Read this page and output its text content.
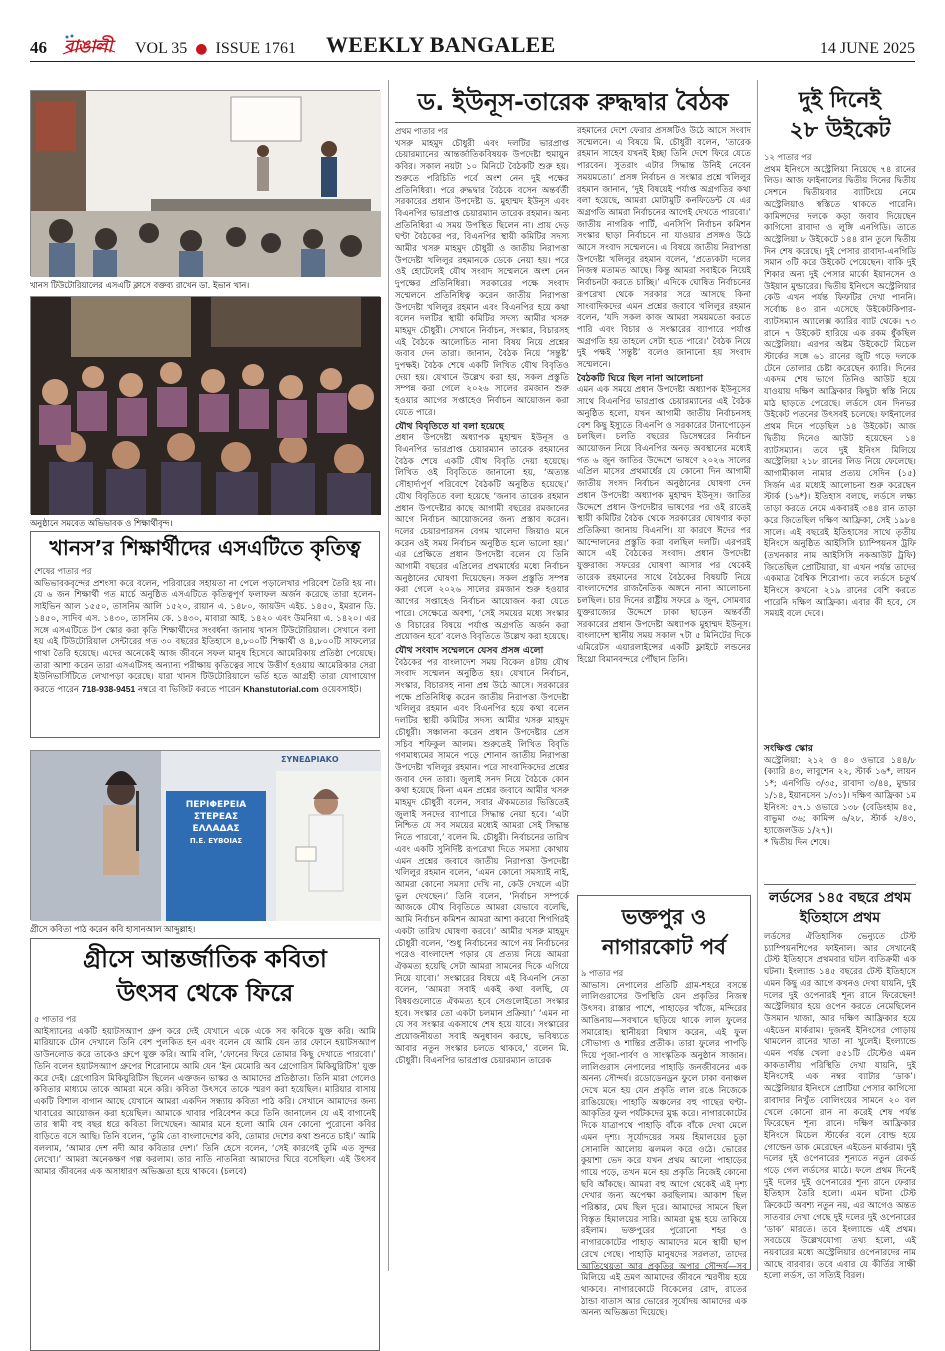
46 বাঙালী VOL 35 ● ISSUE 1761 WEEKLY BANGALEE	14 JUNE 2025
খানস টিউটোরিয়ালের এসএটি ক্লাসে বক্তব্য রাখেন ডা. ইভান খান।
অনুষ্ঠানে সমবেত অভিভাবক ও শিক্ষার্থীবৃন্দ।
খানস’র শিক্ষার্থীদের এসএটিতে কৃতিত্ব
শেষের পাতার পর
অভিভাবকবৃন্দের প্রশংসা করে বলেন, পরিবারের সহায়তা না পেলে পড়ালেখার পরিবেশ তৈরি হয় না। যে ৬ জন শিক্ষার্থী গত মার্চে অনুষ্ঠিত এসএটিতে কৃতিত্বপূর্ণ ফলাফল অর্জন করেছে তারা হলেন- সাইভিন আল ১৫৫০, তাসনিম আলি ১৫২০, রায়ান এ. ১৪৮০, জায়উদ এইচ. ১৪৫০, ইমরান ডি. ১৪৫০, সাদিব এস. ১৪৩০, তাসনিম কে. ১৪৩০, মাবারা আই. ১৪২০ এবং উমনিয়া এ. ১৪২০। এর সঙ্গে এসএটিতে টপ স্কোর করা কৃতি শিক্ষার্থীদের সংবর্ধনা জানায় খানস টিউটোরিয়াল। সেখানে বলা হয় এই টিউটোরিয়াল সেন্টারের গত ৩০ বছরের ইতিহাসে ৪,৮০০টি শিক্ষার্থী ও ৪,৮০০টি সাফল্যের গাথা তৈরি হয়েছে। এদের অনেকেই আজ জীবনে সফল মানুষ হিসেবে আমেরিকায় প্রতিষ্ঠা পেয়েছে। তারা আশা করেন তারা এসএটিসহ অন্যান্য পরীক্ষায় কৃতিত্বের সাথে উত্তীর্ণ হওয়ায় আমেরিকার সেরা ইউনিভার্সিটিতে লেখাপড়া করেছে। যারা খানস টিউটোরিয়ালে ভর্তি হতে আগ্রহী তারা যোগাযোগ করতে পারেন 718-938-9451 নম্বরে বা ভিজিট করতে পারেন Khanstutorial.com ওয়েবসাইট।
ΠΕΡΙΦΕΡΕΙΑ
ΣΤΕΡΕΑΣ
ΕΛΛΑΔΑΣ
Π.Ε. ΕΥΒΟΙΑΣ
ΣΥΝΕΔΡΙΑΚΟ
গ্রীসে কবিতা পাঠ করেন কবি হাসানআল আব্দুল্লাহ।
গ্রীসে আন্তর্জাতিক কবিতা
উৎসব থেকে ফিরে
৫ পাতার পর
আইস্যানের একটি হয়াটসঅ্যাপ গ্রুপ করে দেই যেখানে একে একে সব কবিকে যুক্ত করি। আমি মারিয়াকে টোন দেখালে তিনি বেশ পুলকিত হন এবং বলেন যে আমি যেন তার ফোনে হয়াটসঅ্যাপ ডাউনলোড করে তাকেও গ্রুপে যুক্ত করি। আমি বলি, ‘ফোনের ফিরে তোমার কিছু দেখাতে পারবো।’ তিনি বলেন হয়াটসঅ্যাপ গ্রুপের শিরোনামে আমি যেন ‘ইন মেমোরি অব গ্রেগোরিস মিকিয়ুরিটিস’ যুক্ত করে দেই। গ্রেগোরিস মিকিয়ুরিটিস ছিলেন এক্তজন ভাস্কর ও আমাদের প্রতিষ্ঠাতা। তিনি মারা গেলেও কবিতার মাধ্যমে তাকে আমরা মনে করি। কবিতা উৎসবে তাকে স্মরণ করা হয়েছিল। মারিয়ার বাসায় একটি বিশাল বাগান আছে যেখানে আমরা একদিন সন্ধ্যায় কবিতা পাঠ করি। সেখানে আমাদের জন্য খাবারের আয়োজন করা হয়েছিল। আমাকে খাবার পরিবেশন করে তিনি জানালেন যে এই বাগানেই তার স্বামী বহু বছর ধরে কবিতা লিখেছেন। আমার মনে হলো আমি যেন কোনো পুরোনো কবির বাড়িতে বসে আছি। তিনি বলেন, ‘তুমি তো বাংলাদেশের কবি, তোমার দেশের কথা শুনতে চাই।’ আমি বললাম, ‘আমার দেশ নদী আর কবিতার দেশ।’ তিনি হেসে বলেন, ‘সেই কারণেই তুমি এত সুন্দর লেখো।’ আমরা অনেকক্ষণ গল্প করলাম। তার নাতি নাতনিরা আমাদের ঘিরে বসেছিল। এই উৎসব আমার জীবনের এক অসাধারণ অভিজ্ঞতা হয়ে থাকবে। (চলবে)
ড. ইউনূস-তারেক রুদ্ধদ্বার বৈঠক
প্রথম পাতার পর
খসরু মাহমুদ চৌধুরী এবং দলটির ভারপ্রাপ্ত চেয়ারম্যানের আন্তর্জাতিকবিষয়ক উপদেষ্টা হুমায়ুন কবির। সকাল নয়টা ১০ মিনিটে বৈঠকটি শুরু হয়। শুরুতে পরিচিতি পর্বে অংশ নেন দুই পক্ষের প্রতিনিধিরা। পরে রুদ্ধদ্বার বৈঠকে বসেন অন্তর্বর্তী সরকারের প্রধান উপদেষ্টা ড. মুহাম্মদ ইউনূস এবং বিএনপির ভারপ্রাপ্ত চেয়ারম্যান তারেক রহমান। অন্য প্রতিনিধিরা এ সময় উপস্থিত ছিলেন না। প্রায় দেড় ঘণ্টা বৈঠকের পর, বিএনপির স্থায়ী কমিটির সদস্য আমীর খসরু মাহমুদ চৌধুরী ও জাতীয় নিরাপত্তা উপদেষ্টা খলিলুর রহমানকে ডেকে নেয়া হয়। পরে ওই হোটেলেই যৌথ সংবাদ সম্মেলনে অংশ নেন দুপক্ষের প্রতিনিধিরা। সরকারের পক্ষে সংবাদ সম্মেলনে প্রতিনিধিত্ব করেন জাতীয় নিরাপত্তা উপদেষ্টা খলিলুর রহমান এবং বিএনপির হয়ে কথা বলেন দলটির স্থায়ী কমিটির সদস্য আমীর খসরু মাহমুদ চৌধুরী। সেখানে নির্বাচন, সংস্কার, বিচারসহ এই বৈঠকে আলোচিত নানা বিষয় নিয়ে প্রশ্নের জবাব দেন তারা। জানান, বৈঠক নিয়ে ‘সন্তুষ্ট’ দুপক্ষই। বৈঠক শেষে একটি লিখিত যৌথ বিবৃতিও দেয়া হয়। যেখানে উল্লেখ করা হয়, সকল প্রস্তুতি সম্পন্ন করা গেলে ২০২৬ সালের রমজান শুরু হওয়ার আগের সপ্তাহেও নির্বাচন আয়োজন করা যেতে পারে।
যৌথ বিবৃতিতে যা বলা হয়েছে
প্রধান উপদেষ্টা অধ্যাপক মুহাম্মদ ইউনূস ও বিএনপির ভারপ্রাপ্ত চেয়ারম্যান তারেক রহমানের বৈঠক শেষে একটি যৌথ বিবৃতি দেয়া হয়েছে। লিখিত ওই বিবৃতিতে জানানো হয়, ‘অত্যন্ত সৌহার্দ্যপূর্ণ পরিবেশে বৈঠকটি অনুষ্ঠিত হয়েছে।’ যৌথ বিবৃতিতে বলা হয়েছে ‘জনাব তারেক রহমান প্রধান উপদেষ্টার কাছে আগামী বছরের রমজানের আগে নির্বাচন আয়োজনের জন্য প্রস্তাব করেন। দলের চেয়ারপারসন বেগম খালেদা জিয়াও মনে করেন ওই সময় নির্বাচন অনুষ্ঠিত হলে ভালো হয়।’ এর প্রেক্ষিতে প্রধান উপদেষ্টা বলেন যে তিনি আগামী বছরের এপ্রিলের প্রথমার্ধের মধ্যে নির্বাচন অনুষ্ঠানের ঘোষণা দিয়েছেন। সকল প্রস্তুতি সম্পন্ন করা গেলে ২০২৬ সালের রমজান শুরু হওয়ার আগের সপ্তাহেও নির্বাচন আয়োজন করা যেতে পারে। সেক্ষেত্রে অবশ্য, ‘সেই সময়ের মধ্যে সংস্কার ও বিচারের বিষয়ে পর্যাপ্ত অগ্রগতি অর্জন করা প্রয়োজন হবে’ বলেও বিবৃতিতে উল্লেখ করা হয়েছে।
যৌথ সংবাদ সম্মেলনে যেসব প্রসঙ্গ এলো
বৈঠকের পর বাংলাদেশ সময় বিকেল ৪টায় যৌথ সংবাদ সম্মেলন অনুষ্ঠিত হয়। যেখানে নির্বাচন, সংস্কার, বিচারসহ নানা প্রশ্ন উঠে আসে। সরকারের পক্ষে প্রতিনিধিত্ব করেন জাতীয় নিরাপত্তা উপদেষ্টা খলিলুর রহমান এবং বিএনপির হয়ে কথা বলেন দলটির স্থায়ী কমিটির সদস্য আমীর খসরু মাহমুদ চৌধুরী। সঞ্চালনা করেন প্রধান উপদেষ্টার প্রেস সচিব শফিকুল আলম। শুরুতেই লিখিত বিবৃতি গণমাধ্যমের সামনে পড়ে শোনান জাতীয় নিরাপত্তা উপদেষ্টা খলিলুর রহমান। পরে সাংবাদিকদের প্রশ্নের জবাব দেন তারা। জুলাই সনদ নিয়ে বৈঠকে কোন কথা হয়েছে কিনা এমন প্রশ্নের জবাবে আমীর খসরু মাহমুদ চৌধুরী বলেন, সবার ঐকমত্যের ভিত্তিতেই জুলাই সনদের ব্যাপারে সিদ্ধান্ত নেয়া হবে। ‘এটা নিশ্চিত যে সব সময়ের মধ্যেই আমরা সেই সিদ্ধান্ত নিতে পারবো,’ বলেন মি. চৌধুরী। নির্বাচনের তারিখ এবং একটি সুনির্দিষ্ট রূপরেখা দিতে সমস্যা কোথায় এমন প্রশ্নের জবাবে জাতীয় নিরাপত্তা উপদেষ্টা খলিলুর রহমান বলেন, ‘এমন কোনো সমস্যাই নাই, আমরা কোনো সমস্যা দেখি না, কেউ দেখলে এটা ভুল দেখছেন।’ তিনি বলেন, ‘নির্বাচন সম্পর্কে আজকে যৌথ বিবৃতিতে আমরা যেভাবে বলেছি, আমি নির্বাচন কমিশন আমরা আশা করবো শিগগিরই একটা তারিখ ঘোষণা করবে।’ আমীর খসরু মাহমুদ চৌধুরী বলেন, ‘শুধু নির্বাচনের আগে নয় নির্বাচনের পরেও বাংলাদেশ গড়ার যে প্রত্যয় নিয়ে আমরা ঐকমত্য হয়েছি সেটা আমরা সামনের দিকে এগিয়ে নিয়ে যাবো।’ সংস্কারের বিষয়ে এই বিএনপি নেতা বলেন, ‘আমরা সবাই একই কথা বলছি, যে বিষয়গুলোতে ঐকমত্য হবে সেগুলোইতো সংস্কার হবে। সংস্কার তো একটা চলমান প্রক্রিয়া।’ ‘এমন না যে সব সংস্কার একসাথে শেষ হয়ে যাবে। সংস্কারের প্রয়োজনীয়তা সবাই অনুধাবন করছে, ভবিষ্যতে আবার নতুন সংস্কার চলতে থাকবে,’ বলেন মি. চৌধুরী। বিএনপির ভারপ্রাপ্ত চেয়ারম্যান তারেক
রহমানের দেশে ফেরার প্রসঙ্গটিও উঠে আসে সংবাদ সম্মেলনে। এ বিষয়ে মি. চৌধুরী বলেন, ‘তারেক রহমান সাহেব যখনই ইচ্ছা তিনি দেশে ফিরে যেতে পারবেন। সুতরাং এটার সিদ্ধান্ত উনিই নেবেন সময়মতো।’ প্রসঙ্গ নির্বাচন ও সংস্কার প্রশ্নে খলিলুর রহমান জানান, ‘দুই বিষয়েই পর্যাপ্ত অগ্রগতির কথা বলা হয়েছে, আমরা মোটামুটি কনফিডেন্ট যে এর অগ্রগতি আমরা নির্বাচনের আগেই দেখতে পারবো।’ জাতীয় নাগরিক পার্টি, এনসিপি নির্বাচন কমিশন সংস্কার ছাড়া নির্বাচনে না যাওয়ার প্রসঙ্গও উঠে আসে সংবাদ সম্মেলনে। এ বিষয়ে জাতীয় নিরাপত্তা উপদেষ্টা খলিলুর রহমান বলেন, ‘প্রত্যেকটা দলের নিজস্ব মতামত আছে। কিন্তু আমরা সবাইকে নিয়েই নির্বাচনটা করতে চাচ্ছি।’ এদিকে ঘোষিত নির্বাচনের রূপরেখা থেকে সরকার সরে আসছে কিনা সাংবাদিকদের এমন প্রশ্নের জবাবে খলিলুর রহমান বলেন, ‘যদি সকল কাজ আমরা সময়মতো করতে পারি এবং বিচার ও সংস্কারের ব্যাপারে পর্যাপ্ত অগ্রগতি হয় তাহলে সেটা হতে পারে।’ বৈঠক নিয়ে দুই পক্ষই ‘সন্তুষ্ট’ বলেও জানানো হয় সংবাদ সম্মেলনে।
বৈঠকটি ঘিরে ছিল নানা আলোচনা
এমন এক সময়ে প্রধান উপদেষ্টা অধ্যাপক ইউনূসের সাথে বিএনপির ভারপ্রাপ্ত চেয়ারম্যানের এই বৈঠক অনুষ্ঠিত হলো, যখন আগামী জাতীয় নির্বাচনসহ বেশ কিছু ইস্যুতে বিএনপি ও সরকারের টানাপোড়েন চলছিল। চলতি বছরের ডিসেম্বরের নির্বাচন আয়োজন নিয়ে বিএনপির অনড় অবস্থানের মধ্যেই গত ৬ জুন জাতির উদ্দেশে ভাষণে ২০২৬ সালের এপ্রিল মাসের প্রথমার্ধের যে কোনো দিন আগামী জাতীয় সংসদ নির্বাচন অনুষ্ঠানের ঘোষণা দেন প্রধান উপদেষ্টা অধ্যাপক মুহাম্মদ ইউনূস। জাতির উদ্দেশে প্রধান উপদেষ্টার ভাষণের পর ওই রাতেই স্থায়ী কমিটির বৈঠক থেকে সরকারের ঘোষণার কড়া প্রতিক্রিয়া জানায় বিএনপি। যা কারণে ঈদের পর আন্দোলনের প্রস্তুতি করা বলছিল দলটি। এরপরই আসে এই বৈঠকের সংবাদ। প্রধান উপদেষ্টা যুক্তরাজ্য সফরের ঘোষণা আসার পর থেকেই তারেক রহমানের সাথে বৈঠকের বিষয়টি নিয়ে বাংলাদেশের রাজনৈতিক অঙ্গনে নানা আলোচনা চলছিল। চার দিনের রাষ্ট্রীয় সফরে ৯ জুন, সোমবার যুক্তরাজ্যের উদ্দেশে ঢাকা ছাড়েন অন্তর্বর্তী সরকারের প্রধান উপদেষ্টা অধ্যাপক মুহাম্মদ ইউনূস। বাংলাদেশ স্থানীয় সময় সকাল ৭টা ৫ মিনিটের দিকে এমিরেটস এয়ারলাইন্সের একটি ফ্লাইটে লন্ডনের হিথ্রো বিমানবন্দরে পৌঁছান তিনি।
ভক্তপুর ও
নাগারকোট পর্ব
৯ পাতার পর
আভাস। নেপালের প্রতিটি গ্রাম-শহরে বসন্তে লালিগুরাসের উপস্থিতি যেন প্রকৃতির নিজস্ব উৎসব। রাস্তার পাশে, পাহাড়ের খাঁজে, মন্দিরের আঙিনায়—সবখানে ছড়িয়ে থাকে লাল ফুলের সমারোহ। স্থানীয়রা বিশ্বাস করেন, এই ফুল সৌভাগ্য ও শান্তির প্রতীক। তারা ফুলের পাপড়ি দিয়ে পূজা-পার্বণ ও সাংস্কৃতিক অনুষ্ঠান সাজান। লালিগুরাস নেপালের পাহাড়ি জনজীবনের এক অনন্য সৌন্দর্য। রডোডেনড্রন ফুলে ঢাকা বনাঞ্চল দেখে মনে হয় যেন প্রকৃতি লাল রঙে নিজেকে রাঙিয়েছে। পাহাড়ি অঞ্চলের বহু গাছের ঘণ্টা-আকৃতির ফুল পর্যটকদের মুগ্ধ করে। নাগারকোটের দিকে যাত্রাপথে পাহাড়ি বাঁকে বাঁকে দেখা মেলে এমন দৃশ্য। সূর্যোদয়ের সময় হিমালয়ের চূড়া সোনালি আলোয় ঝলমল করে ওঠে। ভোরের কুয়াশা ভেদ করে যখন প্রথম আলো পাহাড়ের গায়ে পড়ে, তখন মনে হয় প্রকৃতি নিজেই কোনো ছবি আঁকছে। আমরা বহু আগে থেকেই এই দৃশ্য দেখার জন্য অপেক্ষা করছিলাম। আকাশ ছিল পরিষ্কার, মেঘ ছিল দূরে। আমাদের সামনে ছিল বিস্তৃত হিমালয়ের সারি। আমরা মুগ্ধ হয়ে তাকিয়ে রইলাম। ভক্তপুরের পুরোনো শহর ও নাগারকোটের পাহাড় আমাদের মনে স্থায়ী ছাপ রেখে গেছে। পাহাড়ি মানুষদের সরলতা, তাদের আতিথেয়তা আর প্রকৃতির অপার সৌন্দর্য—সব মিলিয়ে এই ভ্রমণ আমাদের জীবনে স্মরণীয় হয়ে থাকবে। নাগারকোটে বিকেলের রোদ, রাতের ঠান্ডা বাতাস আর ভোরের সূর্যোদয় আমাদের এক অনন্য অভিজ্ঞতা দিয়েছে।
দুই দিনেই
২৮ উইকেট
১২ পাতার পর
প্রথম ইনিংসে অস্ট্রেলিয়া নিয়েছে ৭৪ রানের লিড। আজ ফাইনালের দ্বিতীয় দিনের দ্বিতীয় সেশনে দ্বিতীয়বার ব্যাটিংয়ে নেমে অস্ট্রেলিয়াও স্বস্তিতে থাকতে পারেনি। কামিন্সদের দলকে কড়া জবাব দিয়েছেন কাগিসো রাবাদা ও লুঙ্গি এনগিডি। তাতে অস্ট্রেলিয়া ৮ উইকেটে ১৪৪ রান তুলে দ্বিতীয় দিন শেষ করেছে। দুই পেসার রাবাদা-এনগিডি সমান ৩টি করে উইকেট পেয়েছেন। বাকি দুই শিকার অন্য দুই পেসার মার্কো ইয়ানসেন ও উইয়ান মুল্ডারের। দ্বিতীয় ইনিংসে অস্ট্রেলিয়ার কেউ এখন পর্যন্ত ফিফটির দেখা পাননি। সর্বোচ্চ ৪৩ রান এসেছে উইকেটকিপার-ব্যাটসম্যান অ্যালেক্স ক্যারির ব্যাট থেকে। ৭৩ রানে ৭ উইকেট হারিয়ে এক রকম ধুঁকছিল অস্ট্রেলিয়া। এরপর অষ্টম উইকেটে মিচেল স্টার্কের সঙ্গে ৬১ রানের জুটি গড়ে দলকে টেনে তোলার চেষ্টা করেছেন ক্যারি। দিনের একদম শেষ ভাগে তিনিও আউট হয়ে যাওয়ায় দক্ষিণ আফ্রিকার কিছুটা স্বস্তি নিয়ে মাঠ ছাড়তে পেরেছে। লর্ডসে যেন দিনভর উইকেট পতনের উৎসবই চলেছে। ফাইনালের প্রথম দিনে পড়েছিল ১৪ উইকেট। আজ দ্বিতীয় দিনেও আউট হয়েছেন ১৪ ব্যাটসম্যান। তবে দুই ইনিংস মিলিয়ে অস্ট্রেলিয়া ২১৮ রানের লিড নিয়ে ফেলেছে। আগামীকাল নামার প্রত্যয় সেদিন (১৫) সির্জন এর মধ্যেই আলোচনা শুরু করেছেন স্টার্ক (১৬*)। ইতিহাস বলছে, লর্ডসে লক্ষ্য তাড়া করতে নেমে একবারই ৩৪৪ রান তাড়া করে জিতেছিল দক্ষিণ আফ্রিকা, সেই ১৯৮৪ সালে। এই বছরেই ইতিহাসের সাথে তৃতীয় ইনিংসে অনুষ্ঠিত আইসিসি চ্যাম্পিয়নস ট্রফি (তখনকার নাম আইসিসি নকআউট ট্রফি) জিতেছিল প্রোটিয়ারা, যা এখন পর্যন্ত তাদের একমাত্র বৈশ্বিক শিরোপা। তবে লর্ডসে চতুর্থ ইনিংসে কখনো ২১৯ রানের বেশি করতে পারেনি দক্ষিণ আফ্রিকা। এবার কী হবে, সে সময়ই বলে দেবে।
সংক্ষিপ্ত স্কোর
অস্ট্রেলিয়া: ২১২ ও ৪০ ওভারে ১৪৪/৮ (ক্যারি ৪৩, লাবুশেন ২২, স্টার্ক ১৬*, লায়ন ১*; এনগিডি ৩/৩৫, রাবাদা ৩/৪৪, মুল্ডার ১/১৪, ইয়ানসেন ১/৩১)। দক্ষিণ আফ্রিকা ১ম ইনিংস: ৫৭.১ ওভারে ১৩৮ (বেডিংহাম ৪৫, বাভুমা ৩৬; কামিন্স ৬/২৮, স্টার্ক ২/৪৩, হ্যাজেলউড ১/২৭)।
* দ্বিতীয় দিন শেষে।
লর্ডসের ১৪৫ বছরে প্রথম
ইতিহাসে প্রথম
লর্ডসের ঐতিহাসিক ভেন্যুতে টেস্ট চ্যাম্পিয়নশিপের ফাইনাল। আর সেখানেই টেস্ট ইতিহাসে প্রথমবার ঘটল ব্যতিক্রমী এক ঘটনা। ইংল্যান্ড ১৪৫ বছরের টেস্ট ইতিহাসে এমন কিছু এর আগে কখনও দেখা যায়নি, দুই দলের দুই ওপেনারই শূন্য রানে ফিরেছেন! অস্ট্রেলিয়ার হয়ে ওপেন করতে নেমেছিলেন উসমান খাজা, আর দক্ষিণ আফ্রিকার হয়ে এইডেন মার্করাম। দুজনই ইনিংসের গোড়ায় থামলেন রানের খাতা না খুলেই। ইংল্যান্ডে এমন পর্যন্ত খেলা ৫৫১টি টেস্টেও এমন কাকতালীয় পরিস্থিতি দেখা যায়নি, দুই ইনিংসেই এক নম্বর ব্যাটার ‘ডাক’। অস্ট্রেলিয়ার ইনিংসে প্রোটিয়া পেসার কাগিসো রাবাদার নিখুঁত বোলিংয়ের সামনে ২০ বল খেলে কোনো রান না করেই শেষ পর্যন্ত ফিরেছেন শূন্য রানে। দক্ষিণ আফ্রিকার ইনিংসে মিচেল স্টার্কের বলে বোল্ড হয়ে গোল্ডেন ডাক মেরেছেন এইডেন মার্করাম। দুই দলের দুই ওপেনারের শূন্যতে নতুন রেকর্ড গড়ে গেল লর্ডসের মাঠে। ফলে প্রথম দিনেই দুই দলের দুই ওপেনারের শূন্য রানে ফেরার ইতিহাস তৈরি হলো। এমন ঘটনা টেস্ট ক্রিকেটে অবশ্য নতুন নয়, এর আগেও অন্তত সাতবার দেখা গেছে দুই দলের দুই ওপেনারের ‘ডাক’ মারতে। তবে ইংল্যান্ডে এই প্রথম। সবচেয়ে উল্লেখযোগ্য তথ্য হলো, এই নয়বারের মধ্যে অস্ট্রেলিয়ার ওপেনারদের নাম আছে বারবার। তবে এবার যে কীর্তির সাক্ষী হলো লর্ডস, তা সত্যিই বিরল।
